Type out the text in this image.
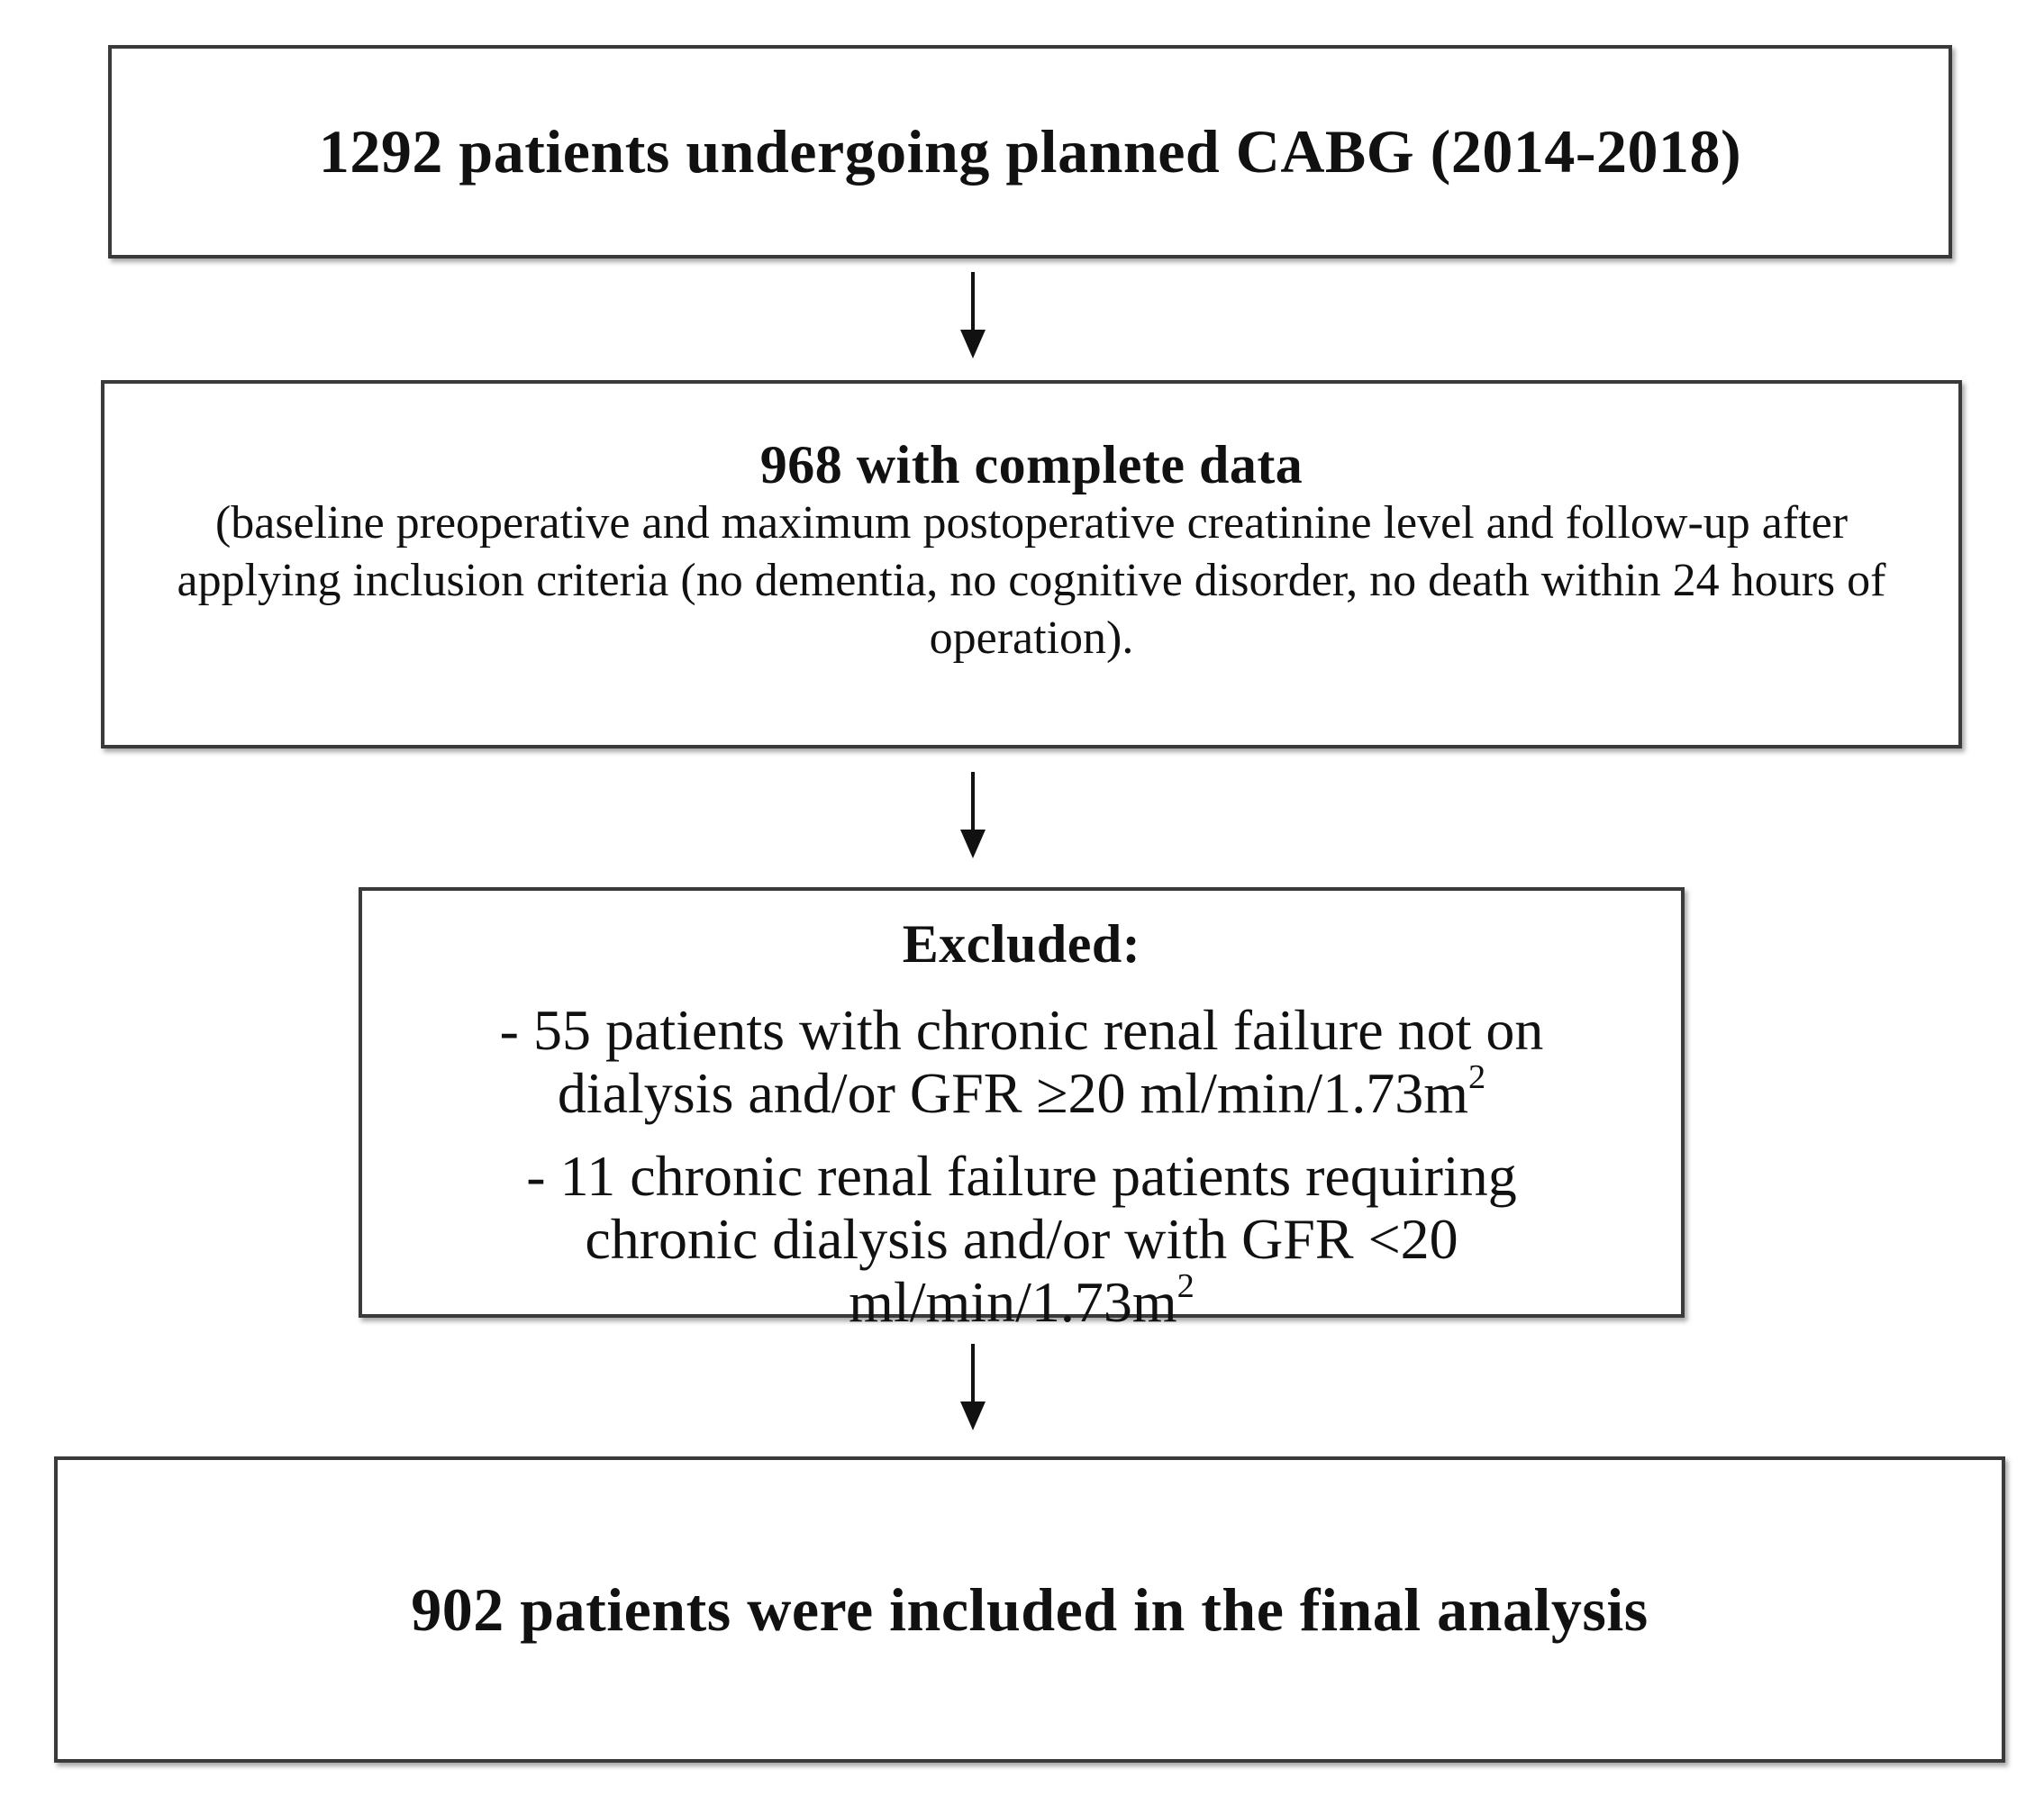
1292 patients undergoing planned CABG (2014-2018)
968 with complete data
(baseline preoperative and maximum postoperative creatinine level and follow-up after applying inclusion criteria (no dementia, no cognitive disorder, no death within 24 hours of operation).
Excluded:
- 55 patients with chronic renal failure not on dialysis and/or GFR ≥20 $ml/\min/1.73m^2$
- 11 chronic renal failure patients requiring chronic dialysis and/or with GFR <20 $ml/\min/1.73m^2$
902 patients were included in the final analysis
